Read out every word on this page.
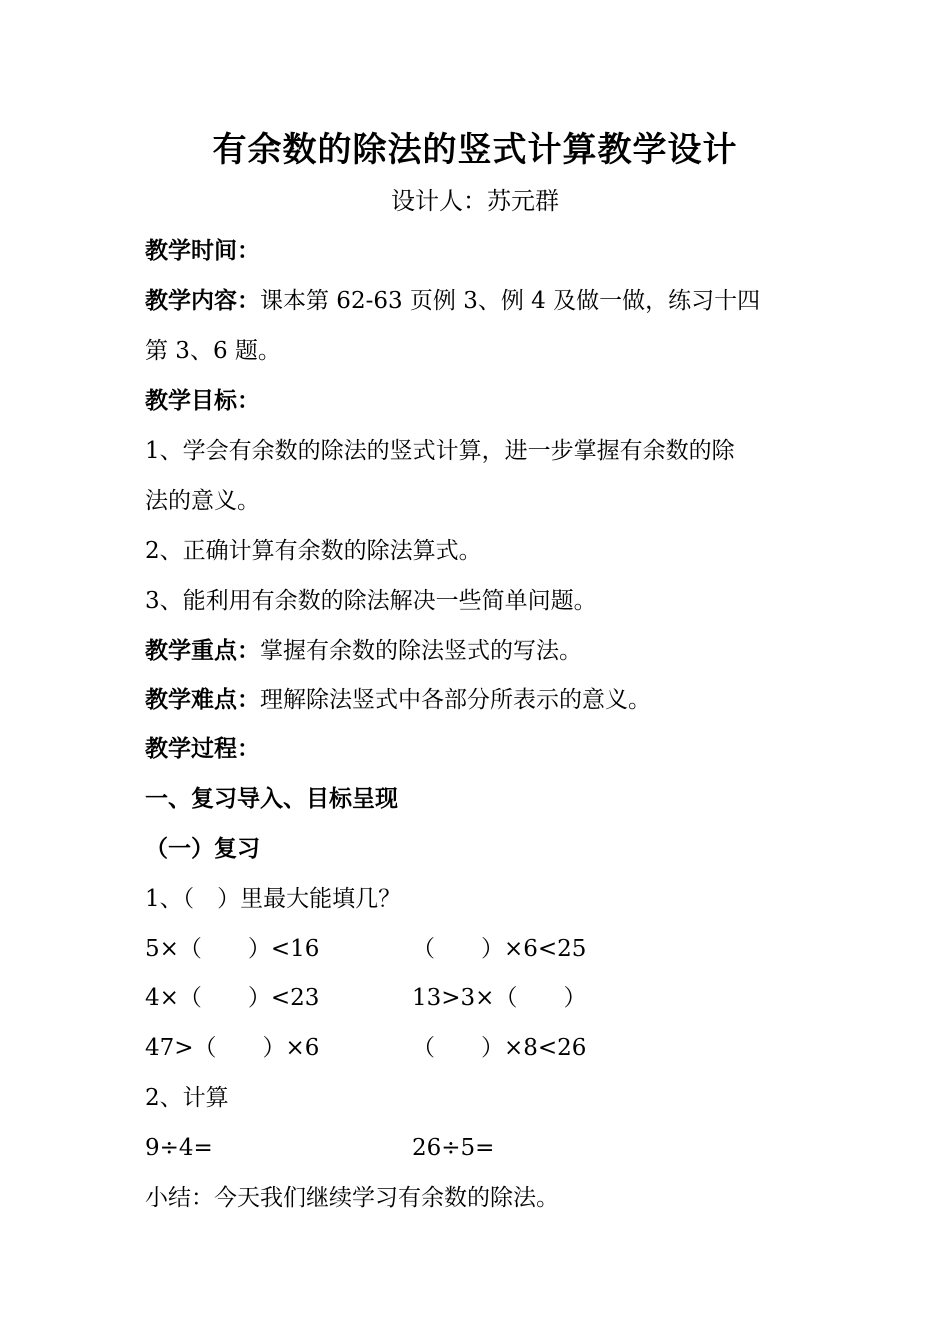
有余数的除法的竖式计算教学设计
设计人：苏元群
教学时间：
教学内容：课本第 62-63 页例 3、例 4 及做一做，练习十四
第 3、6 题。
教学目标：
1、学会有余数的除法的竖式计算，进一步掌握有余数的除
法的意义。
2、正确计算有余数的除法算式。
3、能利用有余数的除法解决一些简单问题。
教学重点：掌握有余数的除法竖式的写法。
教学难点：理解除法竖式中各部分所表示的意义。
教学过程：
一、复习导入、目标呈现
（一）复习
1、（　）里最大能填几？
5×（　　）<16	（　　）×6<25
4×（　　）<23	13>3×（　　）
47>（　　）×6	（　　）×8<26
2、计算
9÷4=	26÷5=
小结：今天我们继续学习有余数的除法。
